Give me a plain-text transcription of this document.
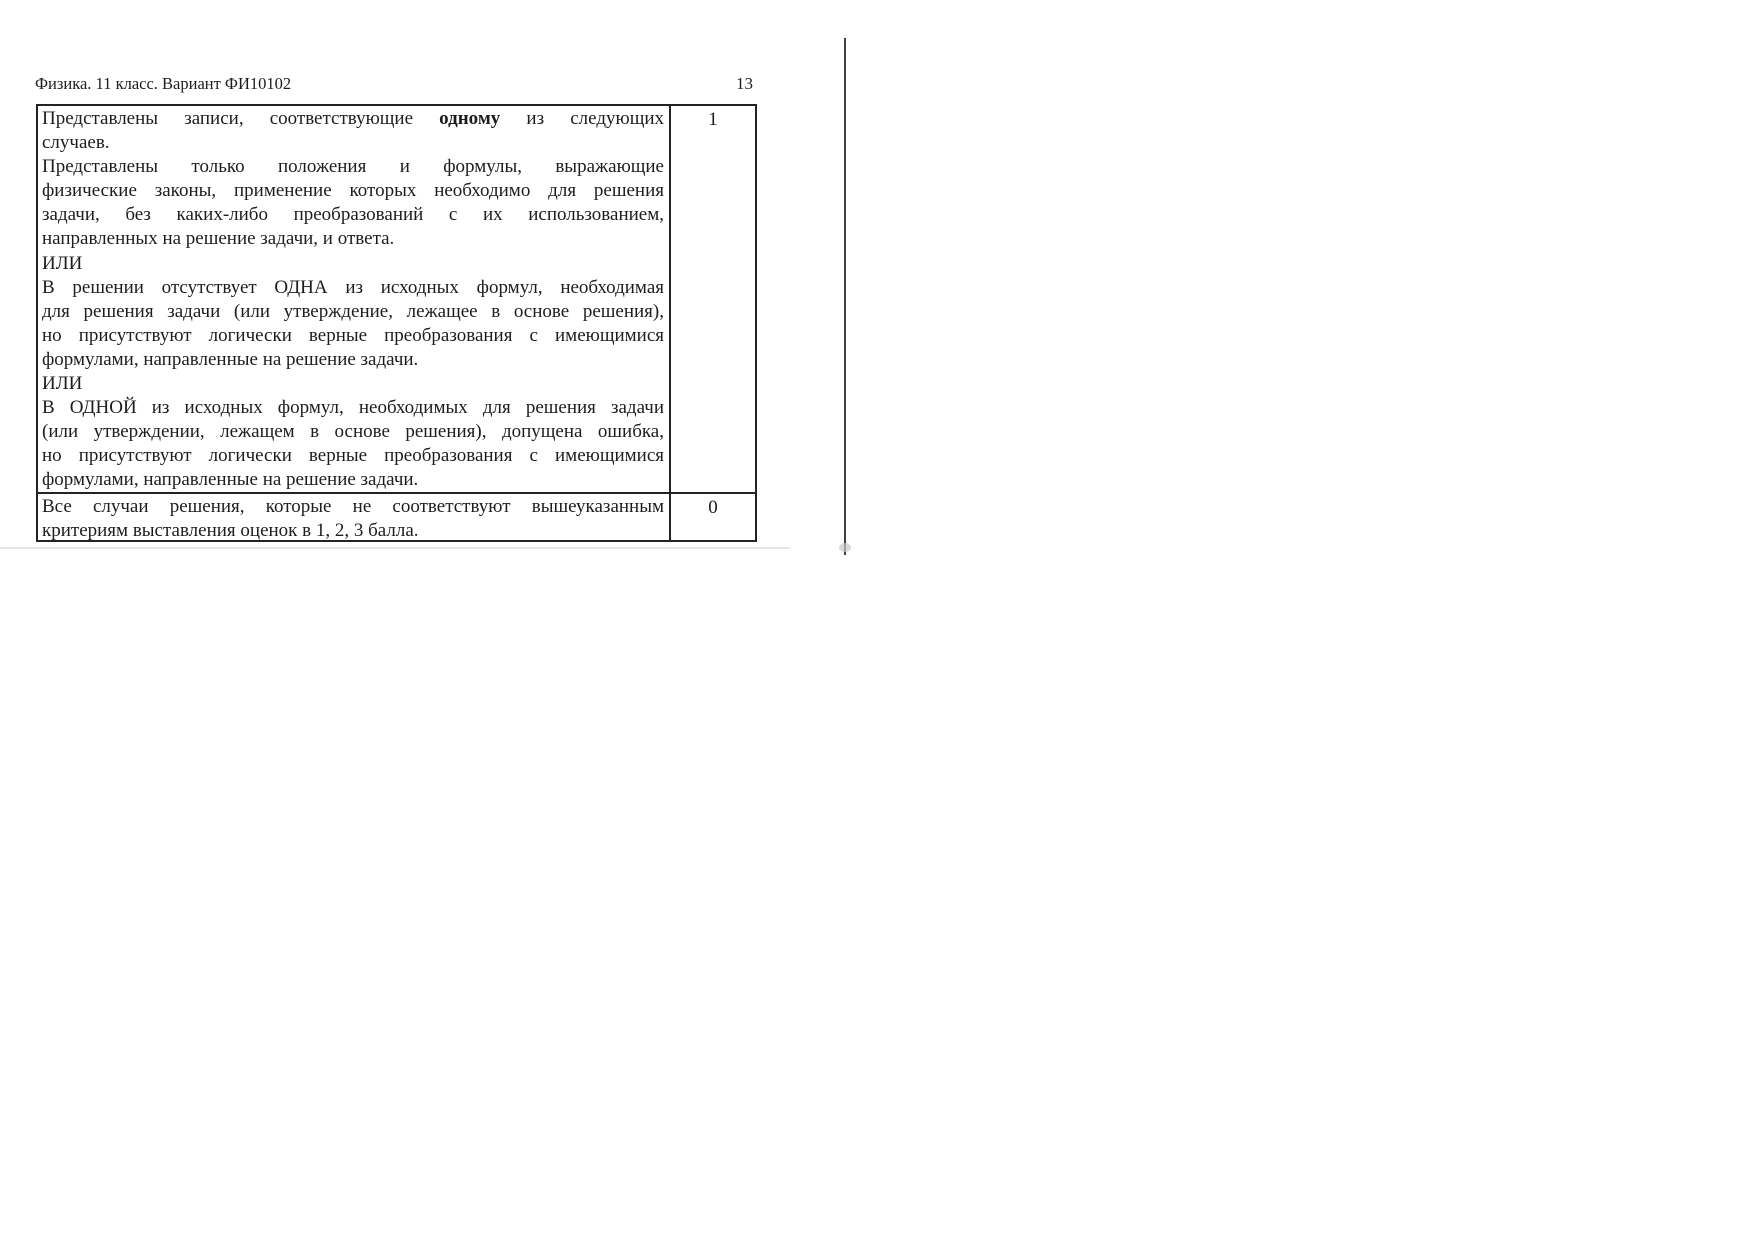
Физика. 11 класс. Вариант ФИ10102	13
Представлены записи, соответствующие одному из следующих
случаев.
Представлены только положения и формулы, выражающие
физические законы, применение которых необходимо для решения
задачи, без каких-либо преобразований с их использованием,
направленных на решение задачи, и ответа.
ИЛИ
В решении отсутствует ОДНА из исходных формул, необходимая
для решения задачи (или утверждение, лежащее в основе решения),
но присутствуют логически верные преобразования с имеющимися
формулами, направленные на решение задачи.
ИЛИ
В ОДНОЙ из исходных формул, необходимых для решения задачи
(или утверждении, лежащем в основе решения), допущена ошибка,
но присутствуют логически верные преобразования с имеющимися
формулами, направленные на решение задачи.
1
Все случаи решения, которые не соответствуют вышеуказанным
критериям выставления оценок в 1, 2, 3 балла.
0
